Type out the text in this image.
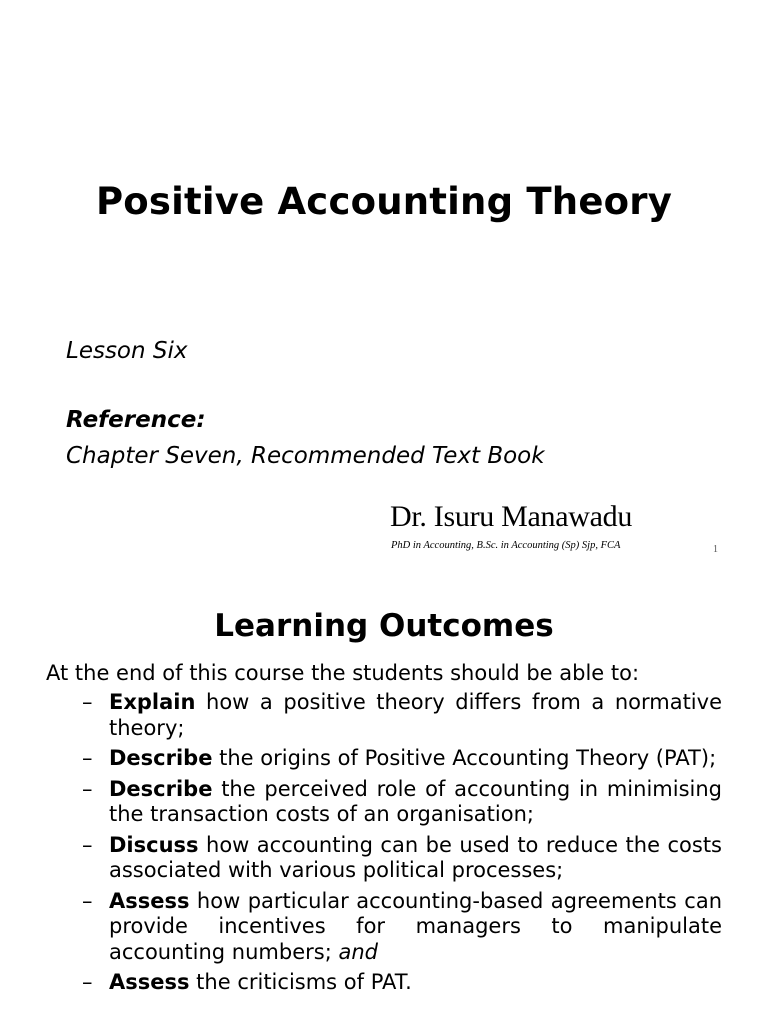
Positive Accounting Theory
Lesson Six
Reference:
Chapter Seven, Recommended Text Book
Dr. Isuru Manawadu
PhD in Accounting, B.Sc. in Accounting (Sp) Sjp, FCA	1
Learning Outcomes
At the end of this course the students should be able to:
– Explain how a positive theory differs from a normative theory;
– Describe the origins of Positive Accounting Theory (PAT);
– Describe the perceived role of accounting in minimising the transaction costs of an organisation;
– Discuss how accounting can be used to reduce the costs associated with various political processes;
– Assess how particular accounting-based agreements can provide incentives for managers to manipulate accounting numbers; and
– Assess the criticisms of PAT.
